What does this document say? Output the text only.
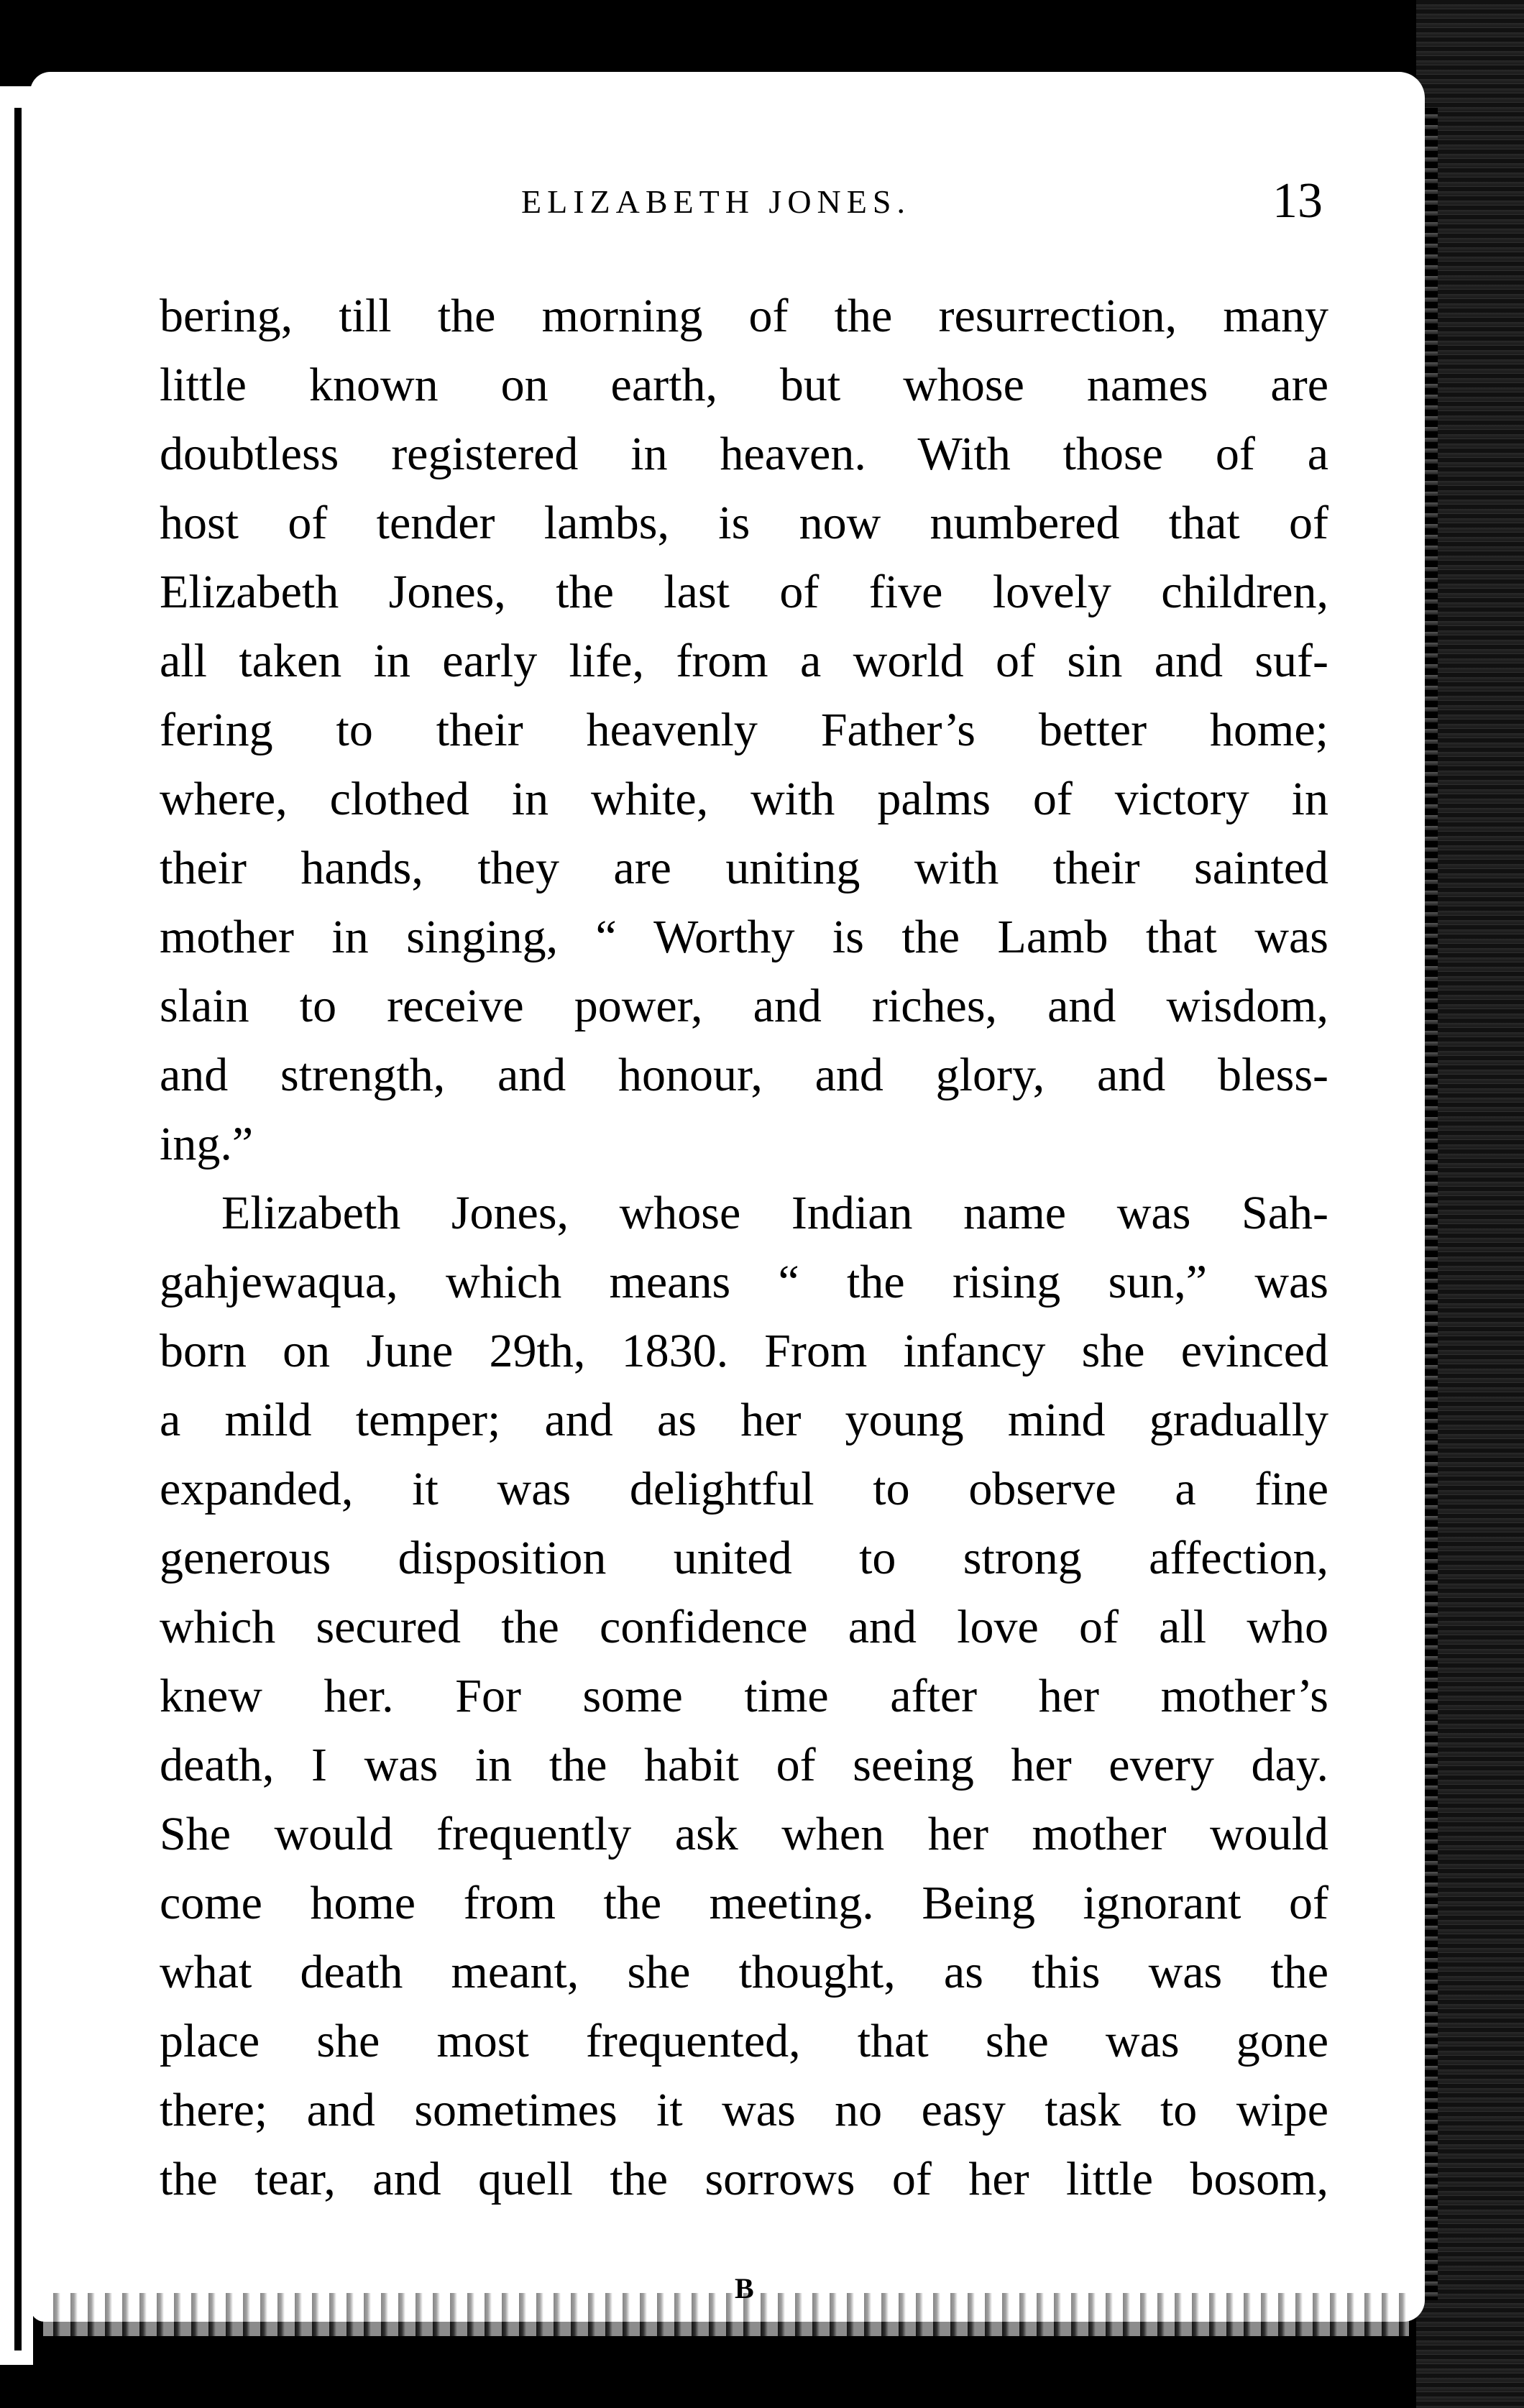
ELIZABETH JONES.	13
bering, till the morning of the resurrection, many
little known on earth, but whose names are
doubtless registered in heaven. With those of a
host of tender lambs, is now numbered that of
Elizabeth Jones, the last of five lovely children,
all taken in early life, from a world of sin and suf-
fering to their heavenly Father’s better home;
where, clothed in white, with palms of victory in
their hands, they are uniting with their sainted
mother in singing, “ Worthy is the Lamb that was
slain to receive power, and riches, and wisdom,
and strength, and honour, and glory, and bless-
ing.”
Elizabeth Jones, whose Indian name was Sah-
gahjewaqua, which means “ the rising sun,” was
born on June 29th, 1830. From infancy she evinced
a mild temper; and as her young mind gradually
expanded, it was delightful to observe a fine
generous disposition united to strong affection,
which secured the confidence and love of all who
knew her. For some time after her mother’s
death, I was in the habit of seeing her every day.
She would frequently ask when her mother would
come home from the meeting. Being ignorant of
what death meant, she thought, as this was the
place she most frequented, that she was gone
there; and sometimes it was no easy task to wipe
the tear, and quell the sorrows of her little bosom,
B
